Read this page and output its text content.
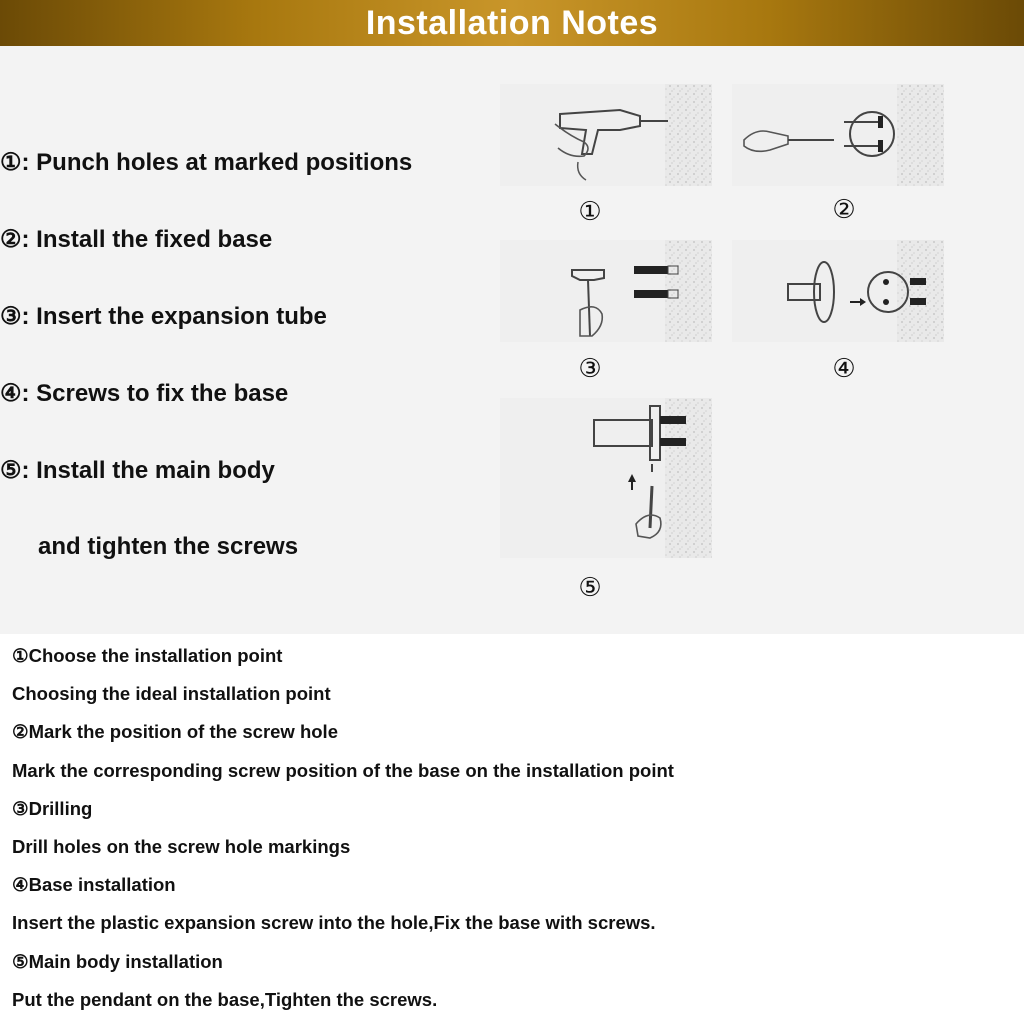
Installation Notes
①: Punch holes at marked positions
②: Install the fixed base
③: Insert the expansion tube
④: Screws to fix the base
⑤: Install the main body
and tighten the screws
①	②
③	④
⑤
①Choose the installation point
Choosing the ideal installation point
②Mark the position of the screw hole
Mark the corresponding screw position of the base on the installation point
③Drilling
Drill holes on the screw hole markings
④Base installation
Insert the plastic expansion screw into the hole,Fix the base with screws.
⑤Main body installation
Put the pendant on the base,Tighten the screws.
